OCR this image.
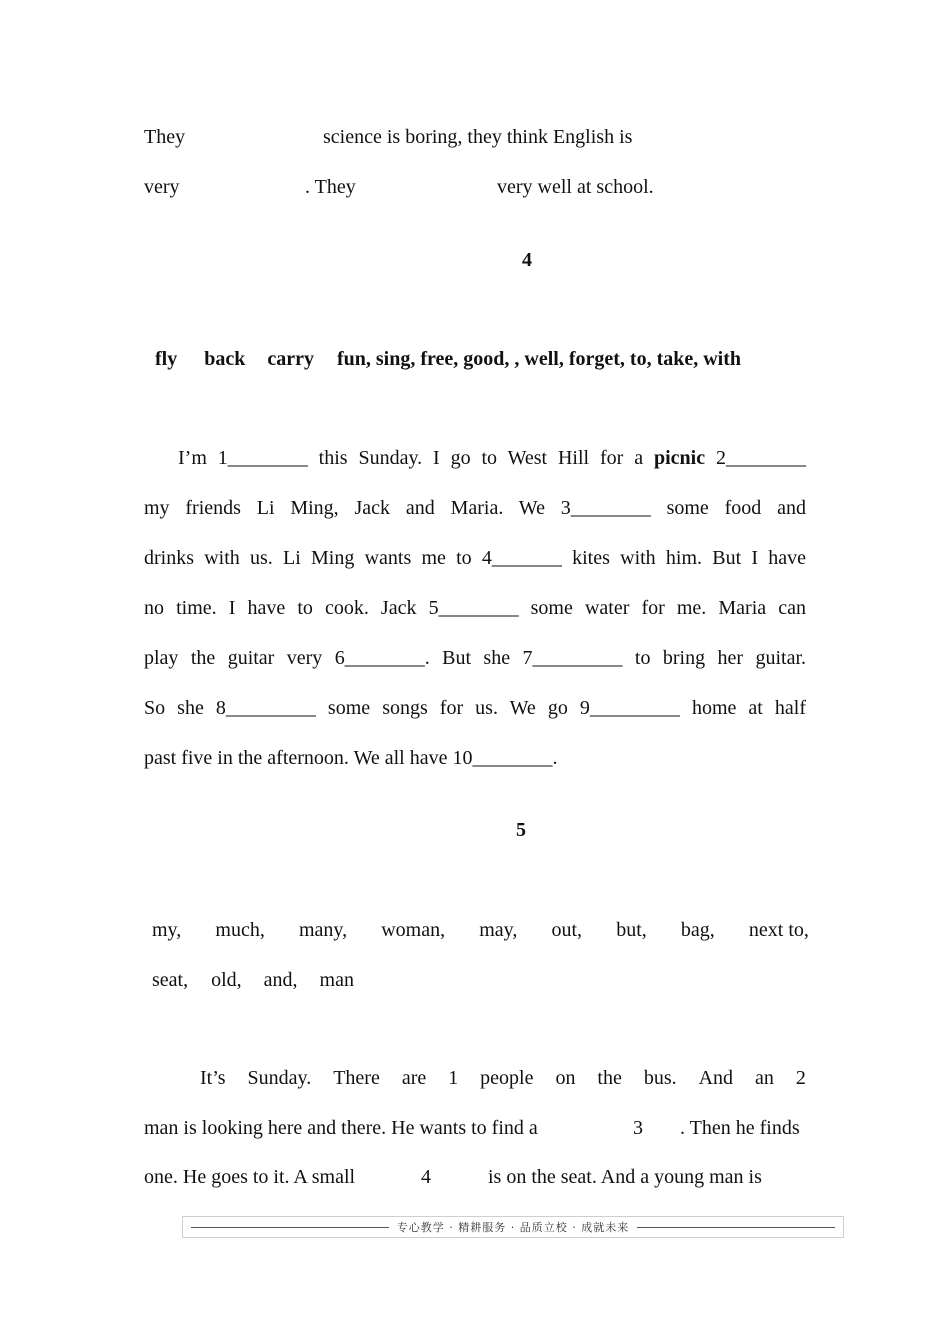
They	science is boring, they think English is
very	. They	very well at school.
4
fly back carry fun, sing, free, good, , well, forget, to, take, with
I’m 1________ this Sunday. I go to West Hill for a picnic 2________
my friends Li Ming, Jack and Maria. We 3________ some food and
drinks with us. Li Ming wants me to 4_______ kites with him. But I have
no time. I have to cook. Jack 5________ some water for me. Maria can
play the guitar very 6________. But she 7_________ to bring her guitar.
So she 8_________ some songs for us. We go 9_________ home at half
past five in the afternoon. We all have 10________.
5
my, much, many, woman, may, out, but, bag, next to,
seat, old, and, man
It’s Sunday. There are 1 people on the bus. And an 2
man is looking here and there. He wants to find a	3 . Then he finds
one. He goes to it. A small	4	is on the seat. And a young man is
专心教学 · 精耕服务 · 品质立校 · 成就未来
